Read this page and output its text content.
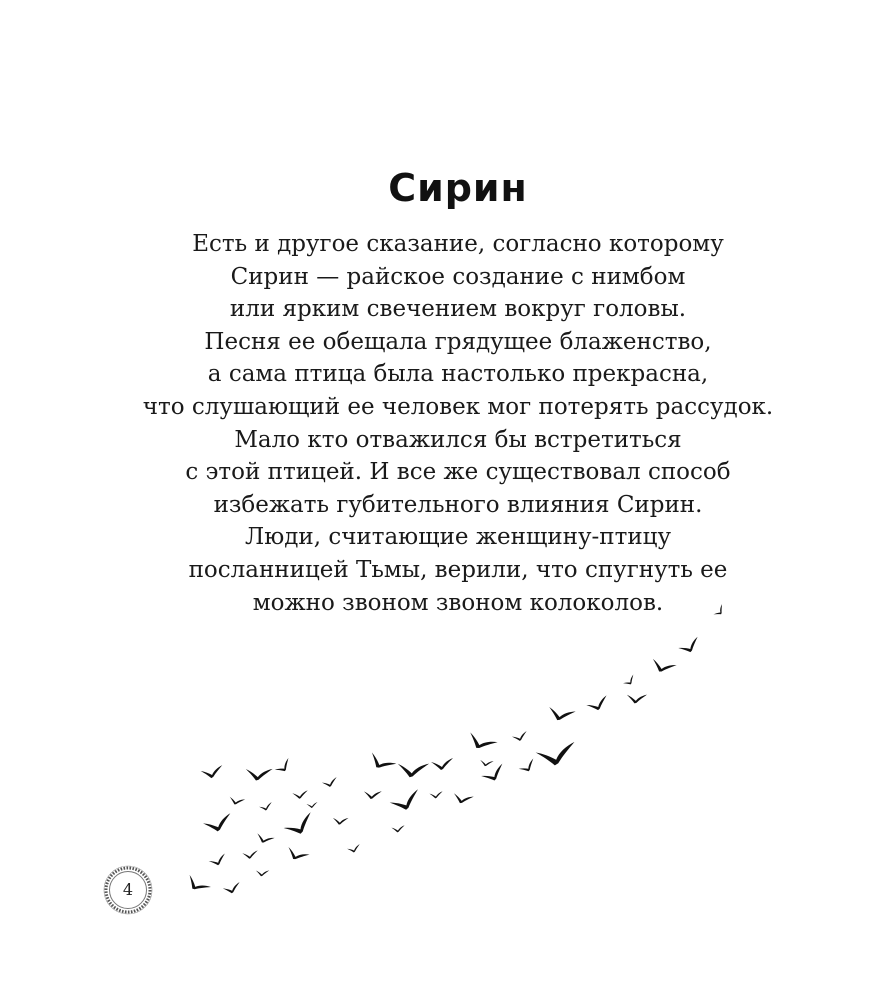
Сирин
Есть и другое сказание, согласно которому
Сирин — райское создание с нимбом
или ярким свечением вокруг головы.
Песня ее обещала грядущее блаженство,
а сама птица была настолько прекрасна,
что слушающий ее человек мог потерять рассудок.
Мало кто отважился бы встретиться
с этой птицей. И все же существовал способ
избежать губительного влияния Сирин.
Люди, считающие женщину-птицу
посланницей Тьмы, верили, что спугнуть ее
можно звоном звоном колоколов.
4
